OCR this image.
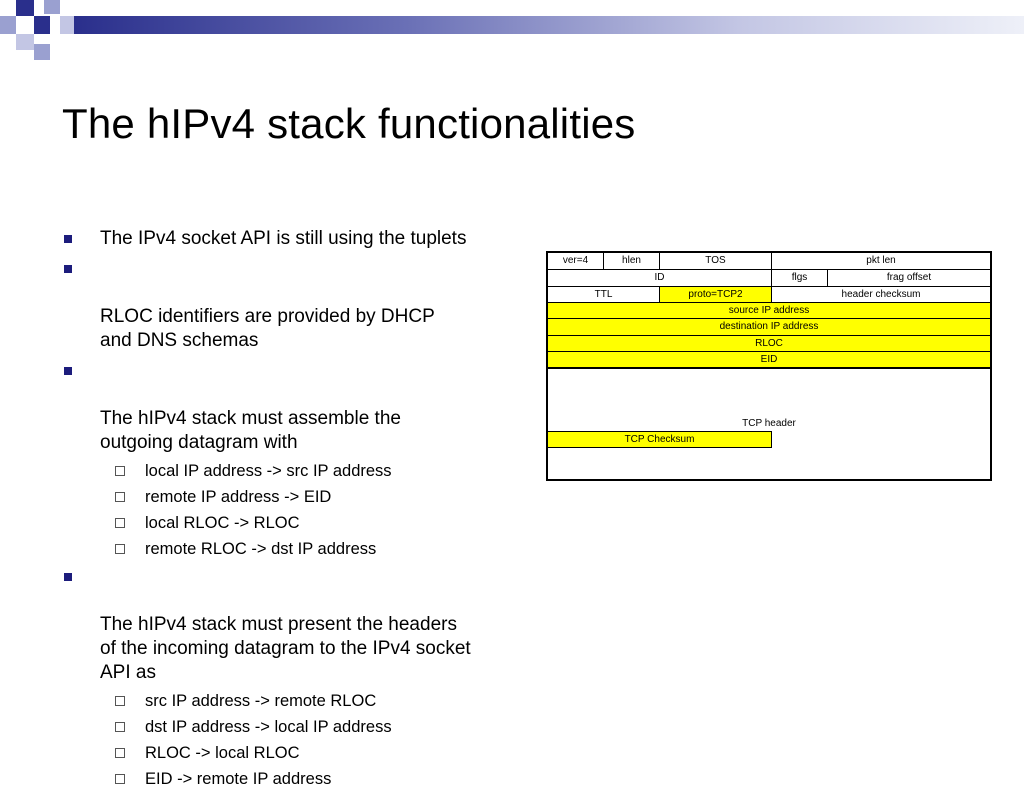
The hIPv4 stack functionalities
The IPv4 socket API is still using the tuplets

RLOC identifiers are provided by DHCP
and DNS schemas

The hIPv4 stack must assemble the
outgoing datagram with

local IP address -> src IP address
remote IP address -> EID
local RLOC -> RLOC
remote RLOC -> dst IP address

The hIPv4 stack must present the headers
of the incoming datagram to the IPv4 socket
API as

src IP address -> remote RLOC
dst IP address -> local IP address
RLOC -> local RLOC
EID -> remote IP address
ver=4	hlen	TOS	pkt len
ID	flgs	frag offset
TTL	proto=TCP2	header checksum
source IP address
destination IP address
RLOC
EID
TCP header
TCP Checksum
